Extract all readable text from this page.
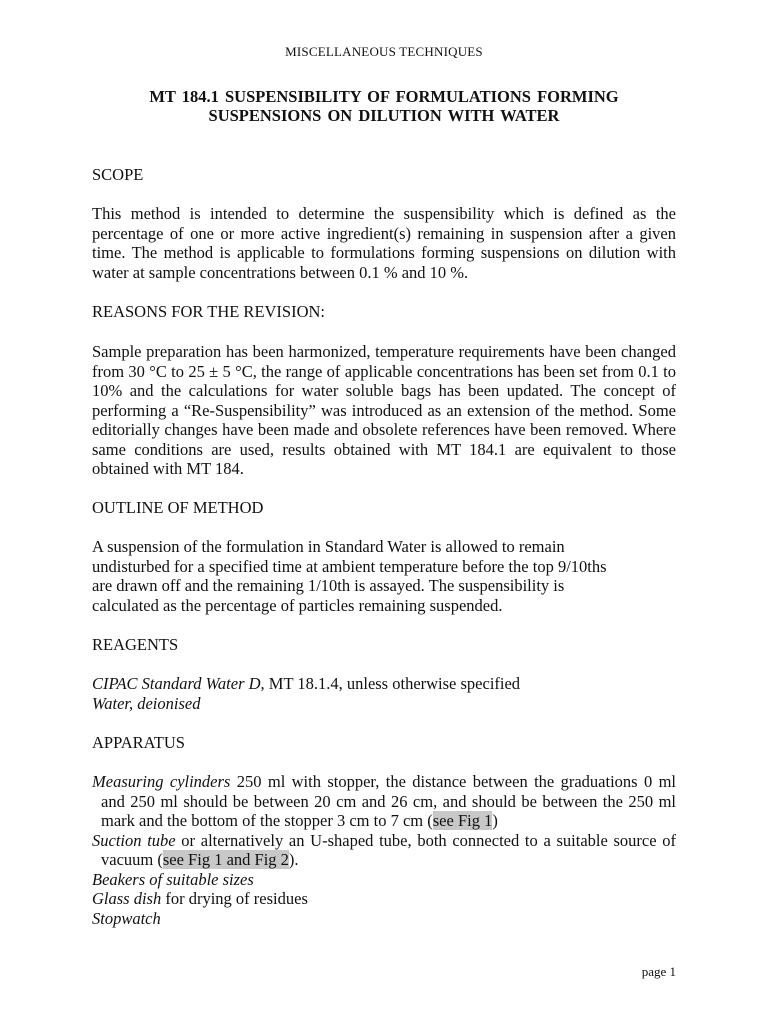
MISCELLANEOUS TECHNIQUES
MT 184.1 SUSPENSIBILITY OF FORMULATIONS FORMING
SUSPENSIONS ON DILUTION WITH WATER
SCOPE
This method is intended to determine the suspensibility which is defined as the percentage of one or more active ingredient(s) remaining in suspension after a given time. The method is applicable to formulations forming suspensions on dilution with water at sample concentrations between 0.1 % and 10 %.
REASONS FOR THE REVISION:
Sample preparation has been harmonized, temperature requirements have been changed from 30 °C to 25 ± 5 °C, the range of applicable concentrations has been set from 0.1 to 10% and the calculations for water soluble bags has been updated. The concept of performing a “Re-Suspensibility” was introduced as an extension of the method. Some editorially changes have been made and obsolete references have been removed. Where same conditions are used, results obtained with MT 184.1 are equivalent to those obtained with MT 184.
OUTLINE OF METHOD
A suspension of the formulation in Standard Water is allowed to remain
undisturbed for a specified time at ambient temperature before the top 9/10ths
are drawn off and the remaining 1/10th is assayed. The suspensibility is
calculated as the percentage of particles remaining suspended.
REAGENTS
CIPAC Standard Water D, MT 18.1.4, unless otherwise specified
Water, deionised
APPARATUS
Measuring cylinders 250 ml with stopper, the distance between the graduations 0 ml and 250 ml should be between 20 cm and 26 cm, and should be between the 250 ml mark and the bottom of the stopper 3 cm to 7 cm (see Fig 1)
Suction tube or alternatively an U-shaped tube, both connected to a suitable source of vacuum (see Fig 1 and Fig 2).
Beakers of suitable sizes
Glass dish for drying of residues
Stopwatch
page 1
